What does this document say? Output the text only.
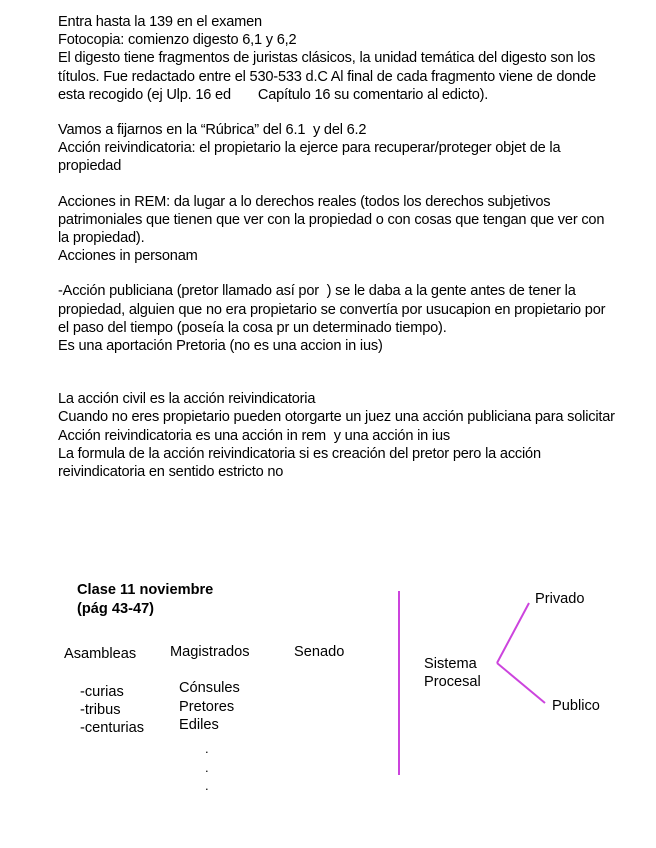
Entra hasta la 139 en el examen

Fotocopia: comienzo digesto 6,1 y 6,2

El digesto tiene fragmentos de juristas clásicos, la unidad temática del digesto son los títulos. Fue redactado entre el 530-533 d.C Al final de cada fragmento viene de donde esta recogido (ej Ulp. 16 ed       Capítulo 16 su comentario al edicto).

Vamos a fijarnos en la “Rúbrica” del 6.1  y del 6.2

Acción reivindicatoria: el propietario la ejerce para recuperar/proteger objet de la propiedad

Acciones in REM: da lugar a lo derechos reales (todos los derechos subjetivos patrimoniales que tienen que ver con la propiedad o con cosas que tengan que ver con la propiedad).

Acciones in personam

-Acción publiciana (pretor llamado así por  ) se le daba a la gente antes de tener la propiedad, alguien que no era propietario se convertía por usucapion en propietario por el paso del tiempo (poseía la cosa pr un determinado tiempo).

Es una aportación Pretoria (no es una accion in ius)

La acción civil es la acción reivindicatoria

Cuando no eres propietario pueden otorgarte un juez una acción publiciana para solicitar

Acción reivindicatoria es una acción in rem  y una acción in ius

La formula de la acción reivindicatoria si es creación del pretor pero la acción reivindicatoria en sentido estricto no

Clase 11 noviembre
(pág 43-47)
Asambleas Magistrados	Senado
-curias
-tribus
-centurias
Cónsules
Pretores
Ediles
.
.
.
Sistema
Procesal
Privado
Publico
